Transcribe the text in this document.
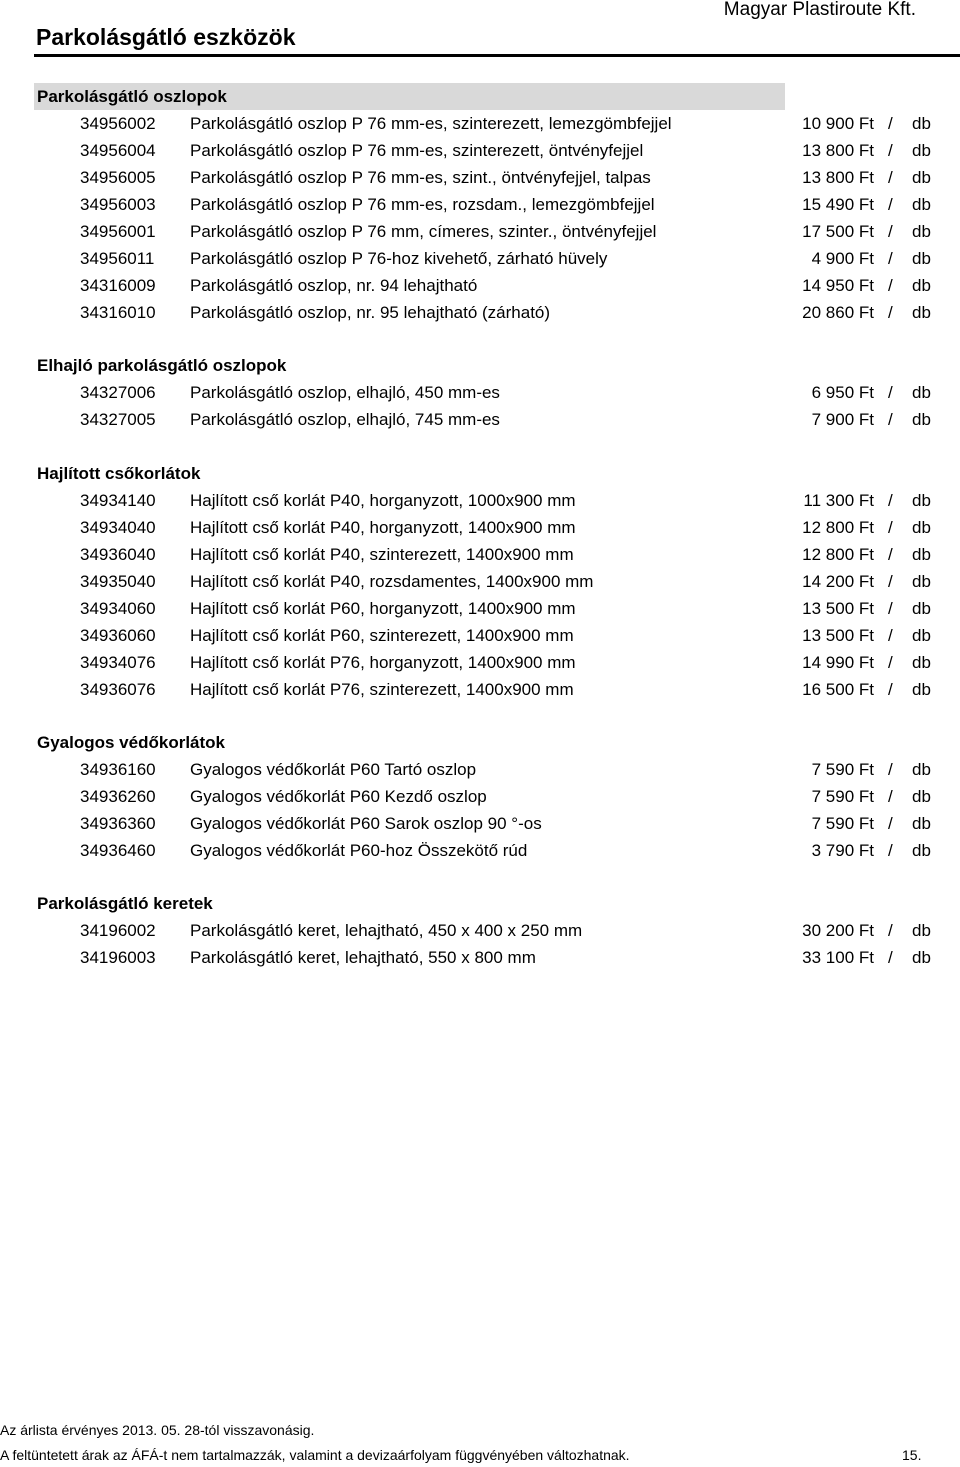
Parkolásgátló eszközök
Magyar Plastiroute Kft.
Parkolásgátló oszlopok
34956002 Parkolásgátló oszlop P 76 mm-es, szinterezett, lemezgömbfejjel	10 900 Ft / db
34956004 Parkolásgátló oszlop P 76 mm-es, szinterezett, öntvényfejjel	13 800 Ft / db
34956005 Parkolásgátló oszlop P 76 mm-es, szint., öntvényfejjel, talpas	13 800 Ft / db
34956003 Parkolásgátló oszlop P 76 mm-es, rozsdam., lemezgömbfejjel	15 490 Ft / db
34956001 Parkolásgátló oszlop P 76 mm, címeres, szinter., öntvényfejjel	17 500 Ft / db
34956011 Parkolásgátló oszlop P 76-hoz kivehető, zárható hüvely	4 900 Ft / db
34316009 Parkolásgátló oszlop, nr. 94 lehajtható	14 950 Ft / db
34316010 Parkolásgátló oszlop, nr. 95 lehajtható (zárható)	20 860 Ft / db
Elhajló parkolásgátló oszlopok
34327006 Parkolásgátló oszlop, elhajló, 450 mm-es	6 950 Ft / db
34327005 Parkolásgátló oszlop, elhajló, 745 mm-es	7 900 Ft / db
Hajlított csőkorlátok
34934140 Hajlított cső korlát P40, horganyzott, 1000x900 mm	11 300 Ft / db
34934040 Hajlított cső korlát P40, horganyzott, 1400x900 mm	12 800 Ft / db
34936040 Hajlított cső korlát P40, szinterezett, 1400x900 mm	12 800 Ft / db
34935040 Hajlított cső korlát P40, rozsdamentes, 1400x900 mm	14 200 Ft / db
34934060 Hajlított cső korlát P60, horganyzott, 1400x900 mm	13 500 Ft / db
34936060 Hajlított cső korlát P60, szinterezett, 1400x900 mm	13 500 Ft / db
34934076 Hajlított cső korlát P76, horganyzott, 1400x900 mm	14 990 Ft / db
34936076 Hajlított cső korlát P76, szinterezett, 1400x900 mm	16 500 Ft / db
Gyalogos védőkorlátok
34936160 Gyalogos védőkorlát P60 Tartó oszlop	7 590 Ft / db
34936260 Gyalogos védőkorlát P60 Kezdő oszlop	7 590 Ft / db
34936360 Gyalogos védőkorlát P60 Sarok oszlop 90 °-os	7 590 Ft / db
34936460 Gyalogos védőkorlát P60-hoz Összekötő rúd	3 790 Ft / db
Parkolásgátló keretek
34196002 Parkolásgátló keret, lehajtható, 450 x 400 x 250 mm	30 200 Ft / db
34196003 Parkolásgátló keret, lehajtható, 550 x 800 mm	33 100 Ft / db
Az árlista érvényes 2013. 05. 28-tól visszavonásig.
A feltüntetett árak az ÁFÁ-t nem tartalmazzák, valamint a devizaárfolyam függvényében változhatnak.	15.
